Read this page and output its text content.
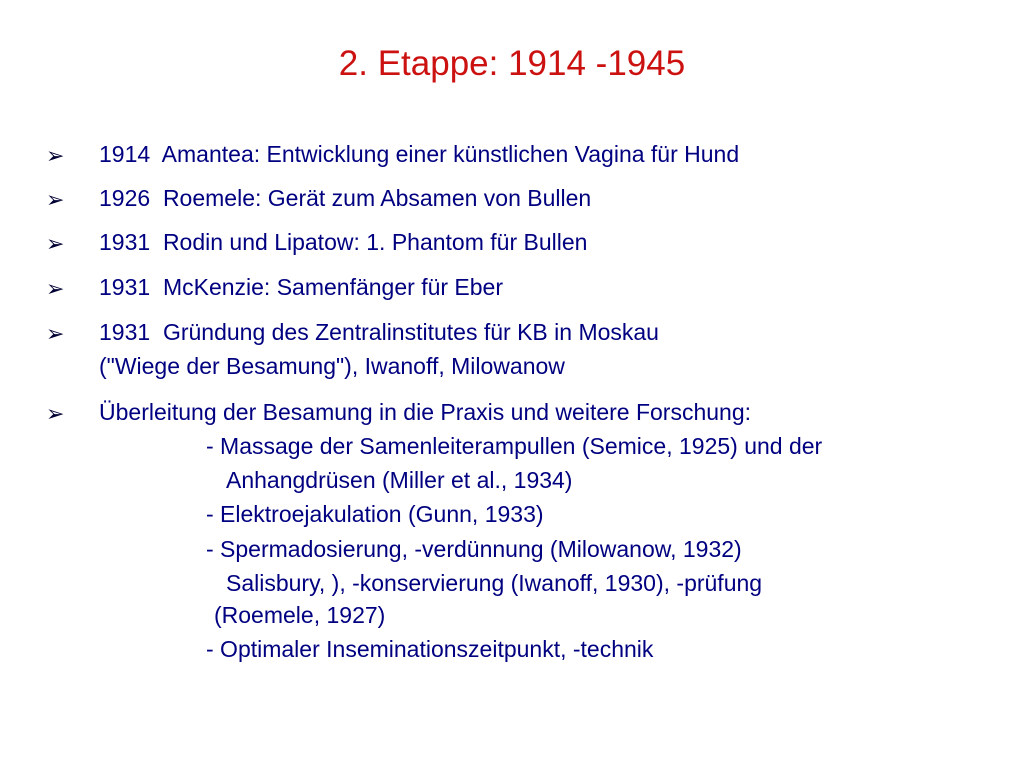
2. Etappe: 1914 -1945
➢ 1914  Amantea: Entwicklung einer künstlichen Vagina für Hund
➢ 1926  Roemele: Gerät zum Absamen von Bullen
➢ 1931  Rodin und Lipatow: 1. Phantom für Bullen
➢ 1931  McKenzie: Samenfänger für Eber
➢ 1931  Gründung des Zentralinstitutes für KB in Moskau
("Wiege der Besamung"), Iwanoff, Milowanow
➢ Überleitung der Besamung in die Praxis und weitere Forschung:
- Massage der Samenleiterampullen (Semice, 1925) und der
Anhangdrüsen (Miller et al., 1934)
- Elektroejakulation (Gunn, 1933)
- Spermadosierung, -verdünnung (Milowanow, 1932)
Salisbury, ), -konservierung (Iwanoff, 1930), -prüfung
(Roemele, 1927)
- Optimaler Inseminationszeitpunkt, -technik
